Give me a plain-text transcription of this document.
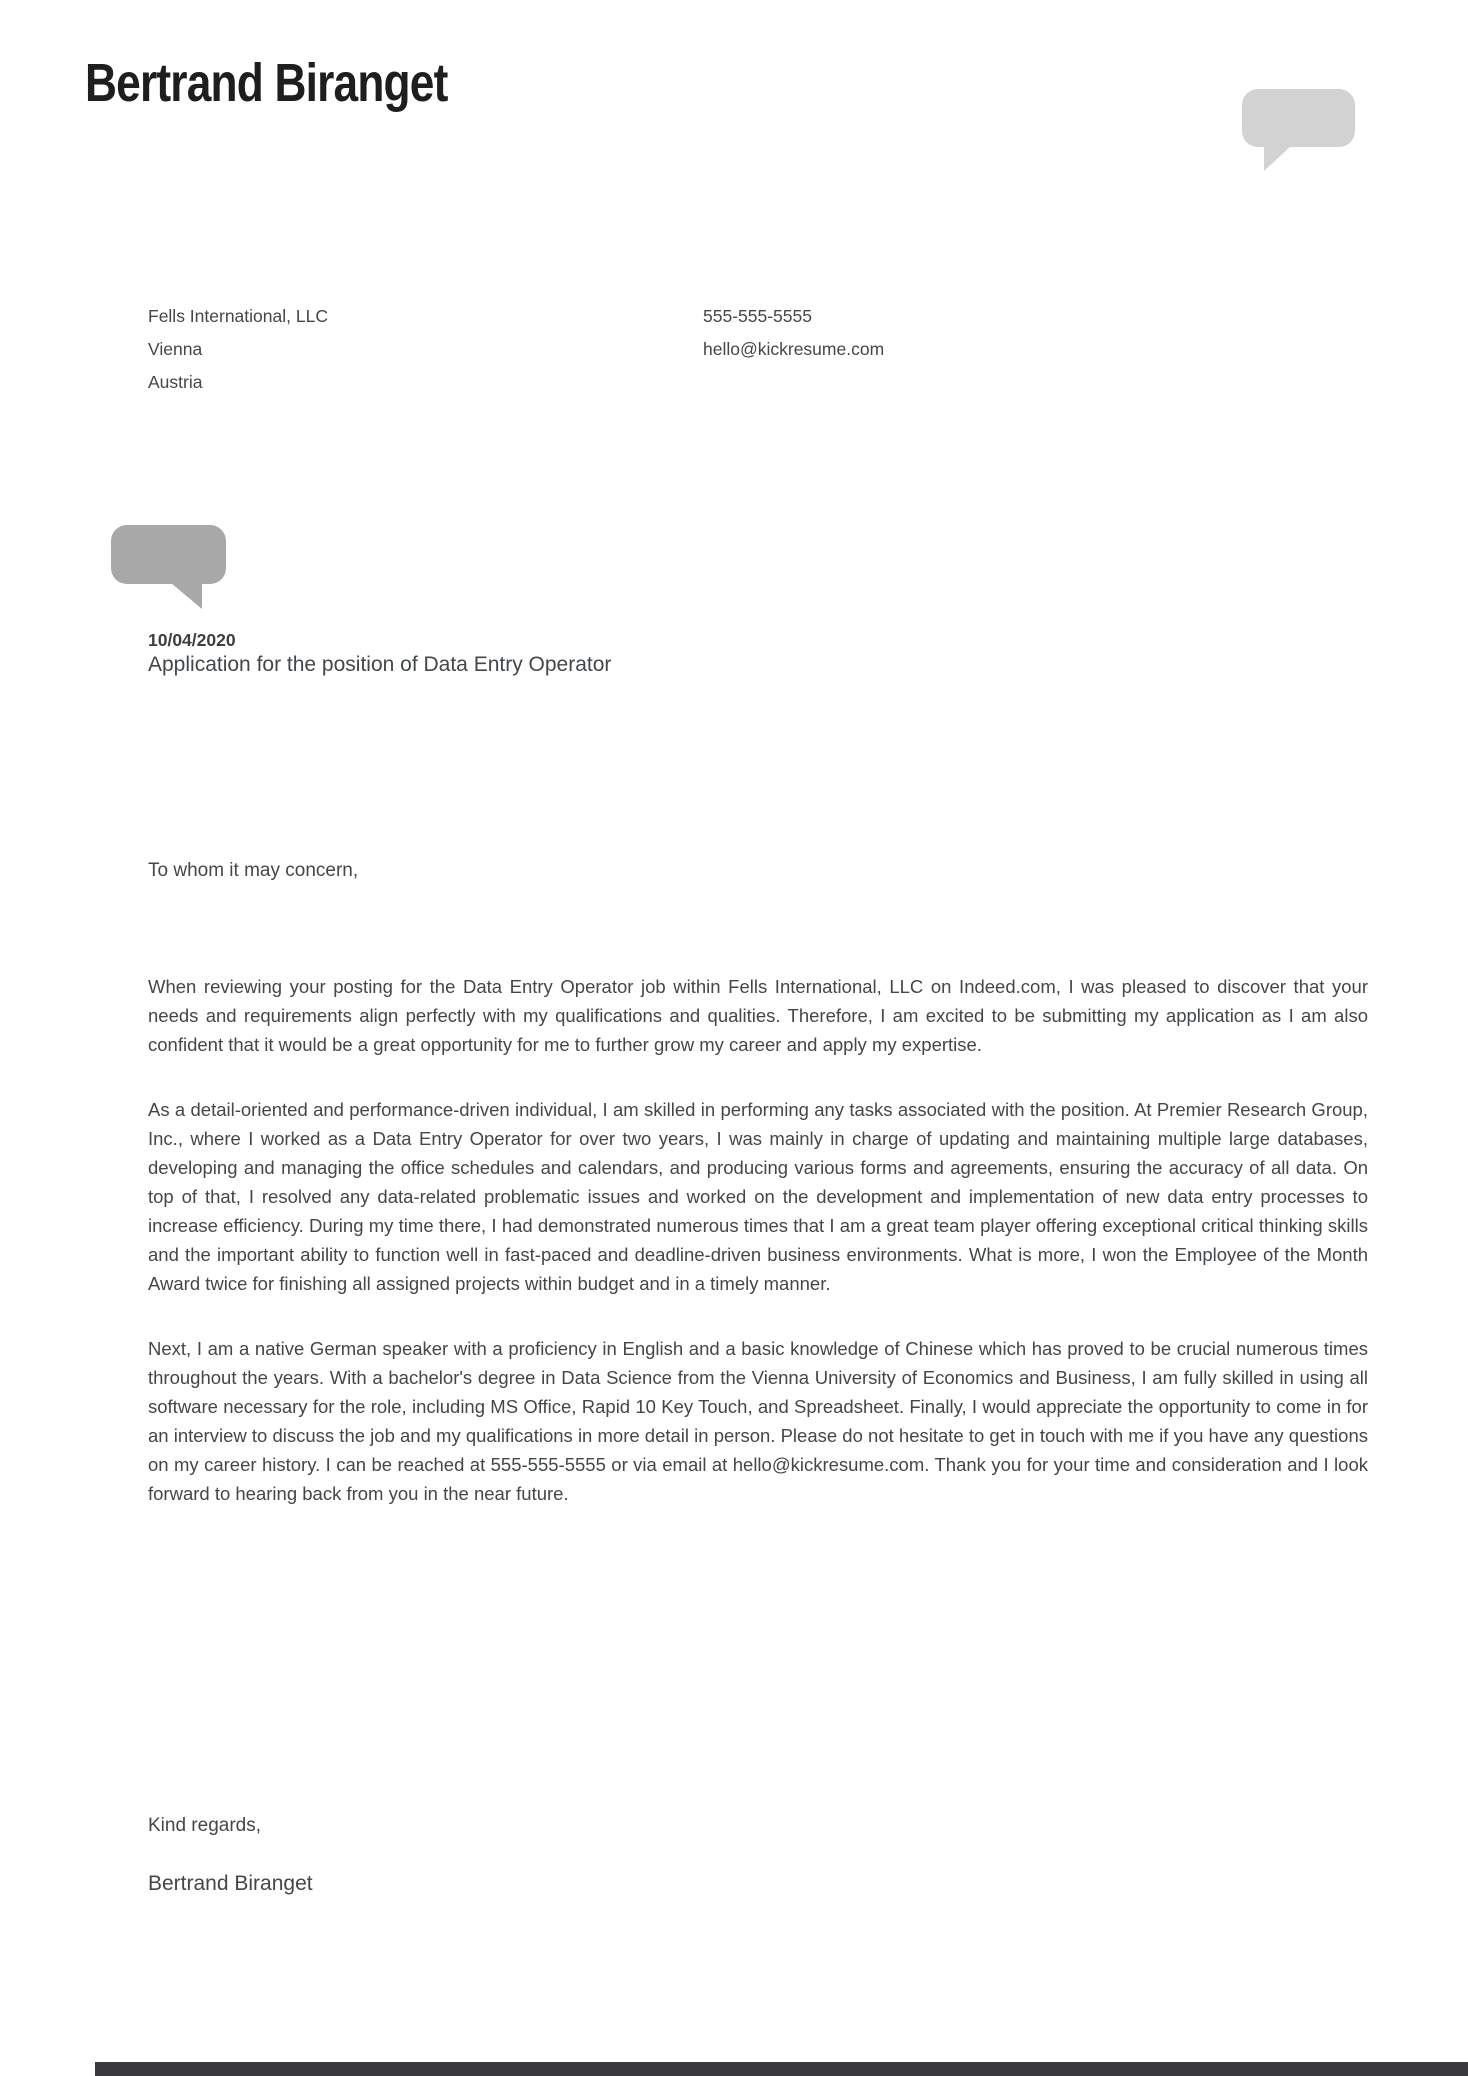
Bertrand Biranget
Fells International, LLC
Vienna
Austria
555-555-5555
hello@kickresume.com
10/04/2020
Application for the position of Data Entry Operator
To whom it may concern,

When reviewing your posting for the Data Entry Operator job within Fells International, LLC on Indeed.com, I was pleased to discover that your needs and requirements align perfectly with my qualifications and qualities. Therefore, I am excited to be submitting my application as I am also confident that it would be a great opportunity for me to further grow my career and apply my expertise.

As a detail-oriented and performance-driven individual, I am skilled in performing any tasks associated with the position. At Premier Research Group, Inc., where I worked as a Data Entry Operator for over two years, I was mainly in charge of updating and maintaining multiple large databases, developing and managing the office schedules and calendars, and producing various forms and agreements, ensuring the accuracy of all data. On top of that, I resolved any data-related problematic issues and worked on the development and implementation of new data entry processes to increase efficiency. During my time there, I had demonstrated numerous times that I am a great team player offering exceptional critical thinking skills and the important ability to function well in fast-paced and deadline-driven business environments. What is more, I won the Employee of the Month Award twice for finishing all assigned projects within budget and in a timely manner.

Next, I am a native German speaker with a proficiency in English and a basic knowledge of Chinese which has proved to be crucial numerous times throughout the years. With a bachelor's degree in Data Science from the Vienna University of Economics and Business, I am fully skilled in using all software necessary for the role, including MS Office, Rapid 10 Key Touch, and Spreadsheet. Finally, I would appreciate the opportunity to come in for an interview to discuss the job and my qualifications in more detail in person. Please do not hesitate to get in touch with me if you have any questions on my career history. I can be reached at 555-555-5555 or via email at hello@kickresume.com. Thank you for your time and consideration and I look forward to hearing back from you in the near future.

Kind regards,
Bertrand Biranget
